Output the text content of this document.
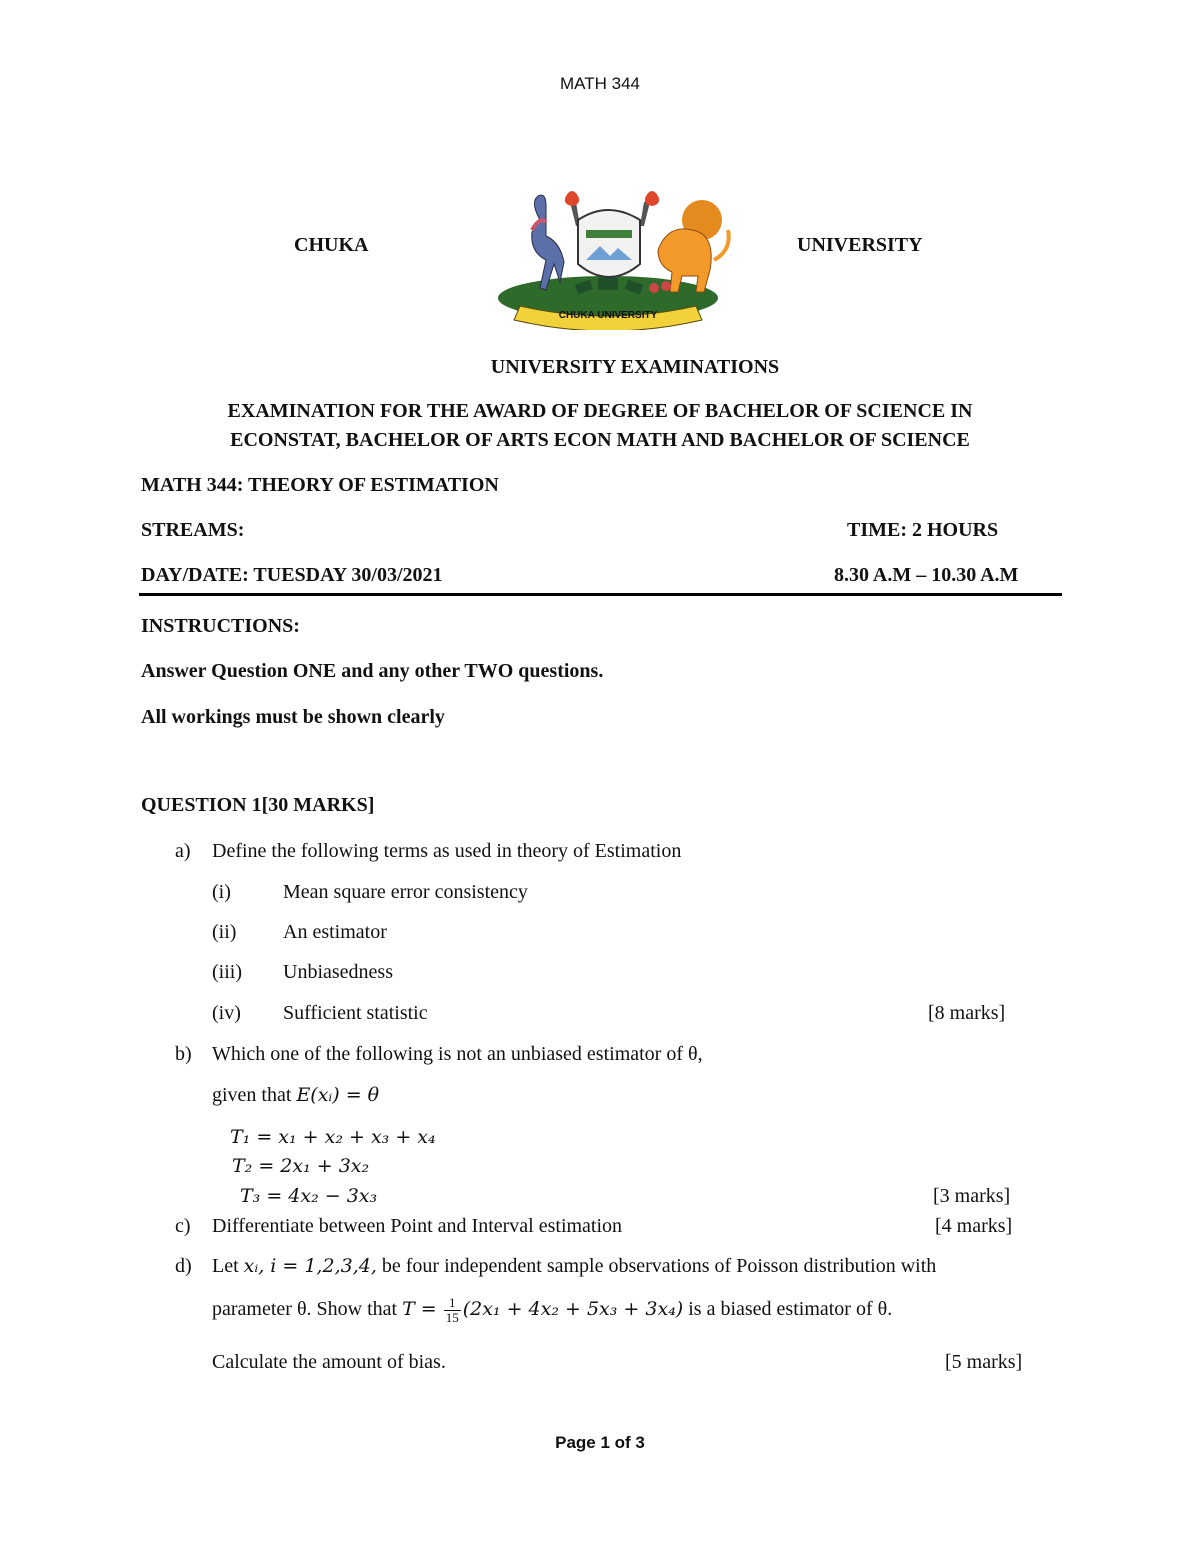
MATH 344
CHUKA	UNIVERSITY
CHUKA UNIVERSITY
UNIVERSITY EXAMINATIONS
EXAMINATION FOR THE AWARD OF DEGREE OF BACHELOR OF SCIENCE IN
ECONSTAT, BACHELOR OF ARTS ECON MATH AND BACHELOR OF SCIENCE
MATH 344: THEORY OF ESTIMATION
STREAMS:	TIME: 2 HOURS
DAY/DATE: TUESDAY 30/03/2021	8.30 A.M – 10.30 A.M
INSTRUCTIONS:
Answer Question ONE and any other TWO questions.
All workings must be shown clearly
QUESTION 1[30 MARKS]
a) Define the following terms as used in theory of Estimation
(i)	Mean square error consistency
(ii) An estimator
(iii) Unbiasedness
(iv) Sufficient statistic	[8 marks]
b) Which one of the following is not an unbiased estimator of θ,
given that E(xᵢ) = θ
T₁ = x₁ + x₂ + x₃ + x₄
T₂ = 2x₁ + 3x₂
T₃ = 4x₂ − 3x₃	[3 marks]
c) Differentiate between Point and Interval estimation	[4 marks]
d) Let xᵢ, i = 1,2,3,4, be four independent sample observations of Poisson distribution with
parameter θ. Show that $T = \frac{1}{15} (2x_1 + 4x_2 + 5x_3 + 3x_4)$ is a biased estimator of θ.
Calculate the amount of bias.	[5 marks]
Page 1 of 3
